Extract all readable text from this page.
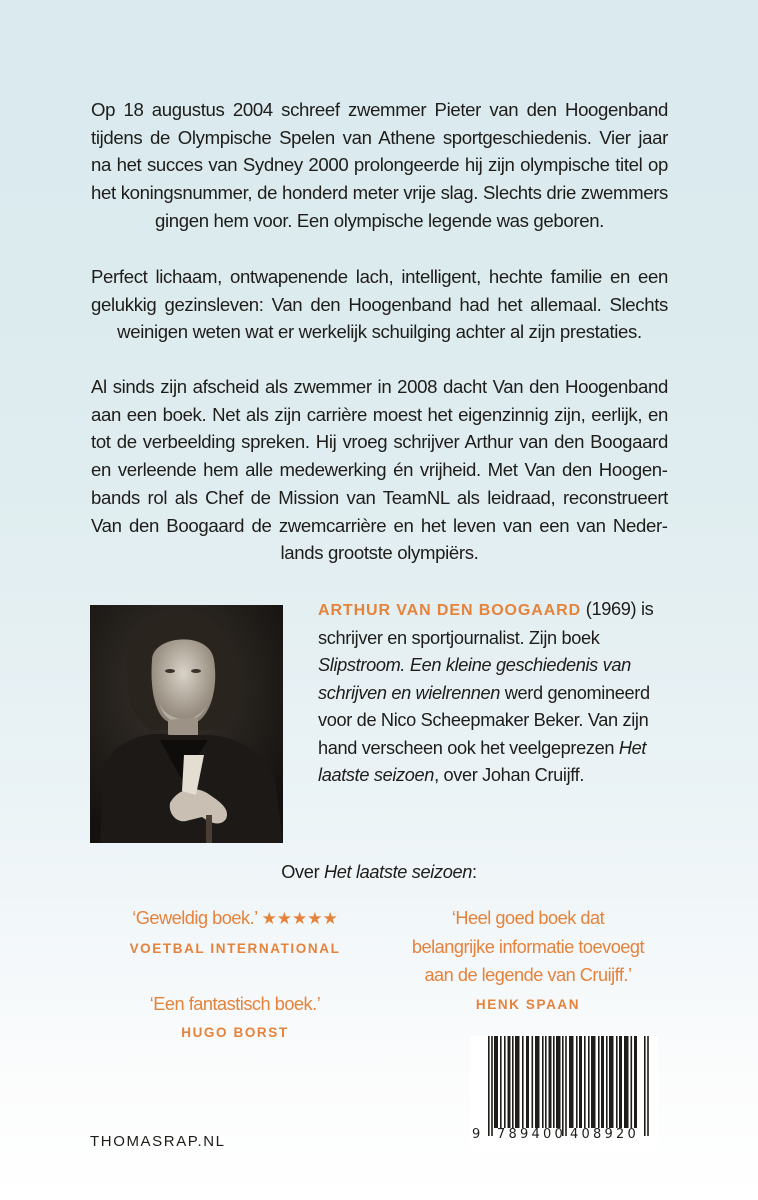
Op 18 augustus 2004 schreef zwemmer Pieter van den Hoogenband tijdens de Olympische Spelen van Athene sportgeschiedenis. Vier jaar na het succes van Sydney 2000 prolongeerde hij zijn olympische titel op het koningsnummer, de honderd meter vrije slag. Slechts drie zwemmers gingen hem voor. Een olympische legende was geboren.

Perfect lichaam, ontwapenende lach, intelligent, hechte familie en een gelukkig gezinsleven: Van den Hoogenband had het allemaal. Slechts weinigen weten wat er werkelijk schuilging achter al zijn prestaties.

Al sinds zijn afscheid als zwemmer in 2008 dacht Van den Hoogenband aan een boek. Net als zijn carrière moest het eigenzinnig zijn, eerlijk, en tot de verbeelding spreken. Hij vroeg schrijver Arthur van den Boogaard en verleende hem alle medewerking én vrijheid. Met Van den Hoogenbands rol als Chef de Mission van TeamNL als leidraad, reconstrueert Van den Boogaard de zwemcarrière en het leven van een van Nederlands grootste olympiërs.

ARTHUR VAN DEN BOOGAARD (1969) is schrijver en sportjournalist. Zijn boek Slipstroom. Een kleine geschiedenis van schrijven en wielrennen werd genomineerd voor de Nico Scheepmaker Beker. Van zijn hand verscheen ook het veelgeprezen Het laatste seizoen, over Johan Cruijff.

Over Het laatste seizoen:
‘Geweldig boek.’ ★★★★★
VOETBAL INTERNATIONAL
‘Een fantastisch boek.’
HUGO BORST
‘Heel goed boek dat
belangrijke informatie toevoegt
aan de legende van Cruijff.’
HENK SPAAN
THOMASRAP.NL	9 7 8 9 4 0 0 4 0 8 9 2 0
